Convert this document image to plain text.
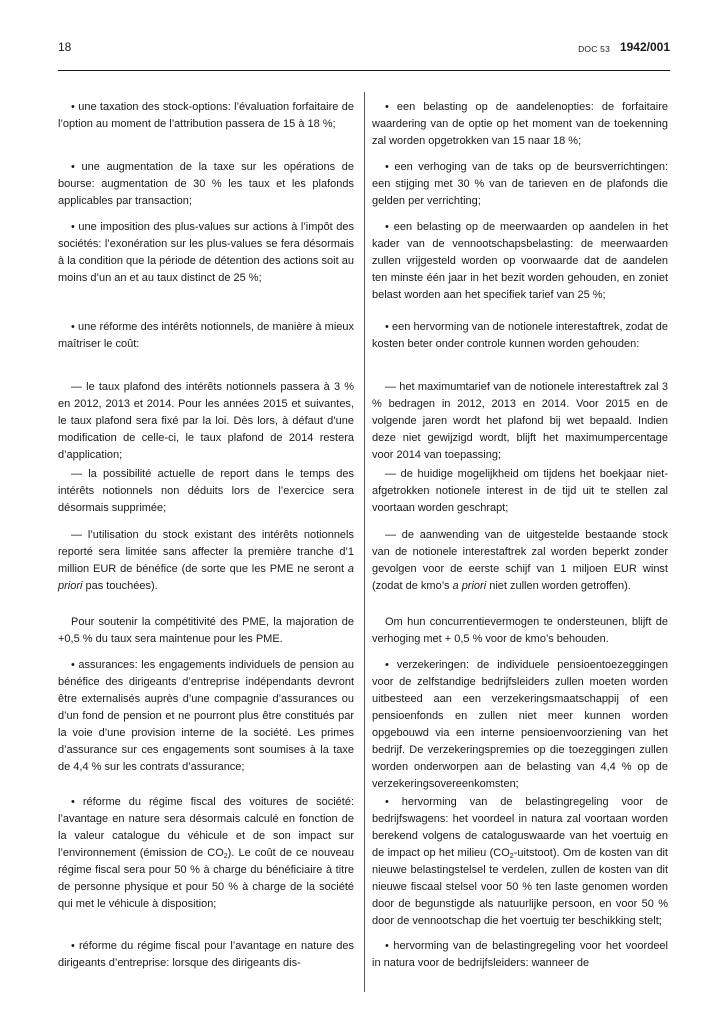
18	DOC 53 1942/001

• une taxation des stock-options: l’évaluation forfaitaire de l’option au moment de l’attribution passera de 15 à 18 %;

• een belasting op de aandelenopties: de forfaitaire waardering van de optie op het moment van de toekenning zal worden opgetrokken van 15 naar 18 %;

• une augmentation de la taxe sur les opérations de bourse: augmentation de 30 % les taux et les plafonds applicables par transaction;

• een verhoging van de taks op de beursverrichtingen: een stijging met 30 % van de tarieven en de plafonds die gelden per verrichting;

• une imposition des plus-values sur actions à l’impôt des sociétés: l’exonération sur les plus-values se fera désormais à la condition que la période de détention des actions soit au moins d’un an et au taux distinct de 25 %;

• een belasting op de meerwaarden op aandelen in het kader van de vennootschapsbelasting: de meerwaarden zullen vrijgesteld worden op voorwaarde dat de aandelen ten minste één jaar in het bezit worden gehouden, en zoniet belast worden aan het specifiek tarief van 25 %;

• une réforme des intérêts notionnels, de manière à mieux maîtriser le coût:

• een hervorming van de notionele interestaftrek, zodat de kosten beter onder controle kunnen worden gehouden:

— le taux plafond des intérêts notionnels passera à 3 % en 2012, 2013 et 2014. Pour les années 2015 et suivantes, le taux plafond sera fixé par la loi. Dès lors, à défaut d’une modification de celle-ci, le taux plafond de 2014 restera d’application;

— het maximumtarief van de notionele interestaftrek zal 3 % bedragen in 2012, 2013 en 2014. Voor 2015 en de volgende jaren wordt het plafond bij wet bepaald. Indien deze niet gewijzigd wordt, blijft het maximumpercentage voor 2014 van toepassing;

— la possibilité actuelle de report dans le temps des intérêts notionnels non déduits lors de l’exercice sera désormais supprimée;

— de huidige mogelijkheid om tijdens het boekjaar niet-afgetrokken notionele interest in de tijd uit te stellen zal voortaan worden geschrapt;

— l’utilisation du stock existant des intérêts notionnels reporté sera limitée sans affecter la première tranche d’1 million EUR de bénéfice (de sorte que les PME ne seront a priori pas touchées).

— de aanwending van de uitgestelde bestaande stock van de notionele interestaftrek zal worden beperkt zonder gevolgen voor de eerste schijf van 1 miljoen EUR winst (zodat de kmo’s a priori niet zullen worden getroffen).

Pour soutenir la compétitivité des PME, la majoration de +0,5 % du taux sera maintenue pour les PME.

Om hun concurrentievermogen te ondersteunen, blijft de verhoging met + 0,5 % voor de kmo’s behouden.

• assurances: les engagements individuels de pension au bénéfice des dirigeants d’entreprise indépendants devront être externalisés auprès d’une compagnie d’assurances ou d’un fond de pension et ne pourront plus être constitués par la voie d’une provision interne de la société. Les primes d’assurance sur ces engagements sont soumises à la taxe de 4,4 % sur les contrats d’assurance;

• verzekeringen: de individuele pensioentoezeggingen voor de zelfstandige bedrijfsleiders zullen moeten worden uitbesteed aan een verzekeringsmaatschappij of een pensioenfonds en zullen niet meer kunnen worden opgebouwd via een interne pensioenvoorziening van het bedrijf. De verzekeringspremies op die toezeggingen zullen worden onderworpen aan de belasting van 4,4 % op de verzekeringsovereenkomsten;

• réforme du régime fiscal des voitures de société: l’avantage en nature sera désormais calculé en fonction de la valeur catalogue du véhicule et de son impact sur l’environnement (émission de $CO_2$). Le coût de ce nouveau régime fiscal sera pour 50 % à charge du bénéficiaire à titre de personne physique et pour 50 % à charge de la société qui met le véhicule à disposition;

• hervorming van de belastingregeling voor de bedrijfswagens: het voordeel in natura zal voortaan worden berekend volgens de cataloguswaarde van het voertuig en de impact op het milieu $(CO_2-uitstoot)$. Om de kosten van dit nieuwe belastingstelsel te verdelen, zullen de kosten van dit nieuwe fiscaal stelsel voor 50 % ten laste genomen worden door de begunstigde als natuurlijke persoon, en voor 50 % door de vennootschap die het voertuig ter beschikking stelt;

• réforme du régime fiscal pour l’avantage en nature des dirigeants d’entreprise: lorsque des dirigeants dis-

• hervorming van de belastingregeling voor het voordeel in natura voor de bedrijfsleiders: wanneer de
